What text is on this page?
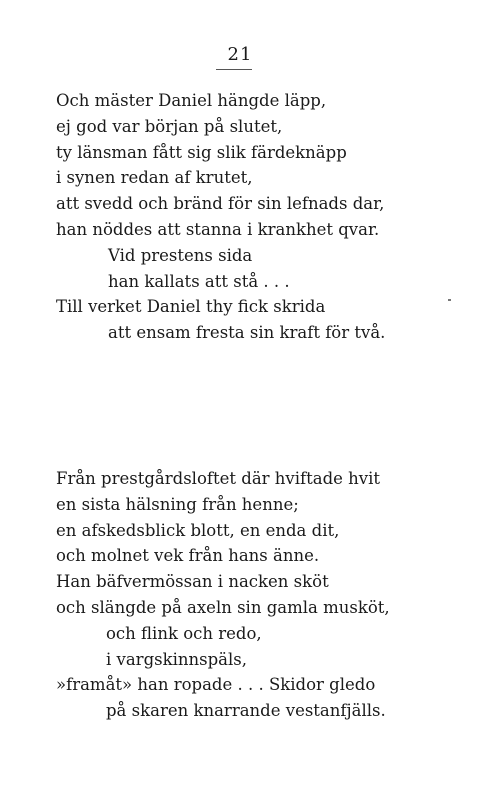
21
Och mäster Daniel hängde läpp,
ej god var början på slutet,
ty länsman fått sig slik färdeknäpp
i synen redan af krutet,
att svedd och bränd för sin lefnads dar,
han nöddes att stanna i krankhet qvar.
Vid prestens sida
han kallats att stå . . .
Till verket Daniel thy fick skrida
att ensam fresta sin kraft för två.
Från prestgårdsloftet där hviftade hvit
en sista hälsning från henne;
en afskedsblick blott, en enda dit,
och molnet vek från hans änne.
Han bäfvermössan i nacken sköt
och slängde på axeln sin gamla musköt,
och flink och redo,
i vargskinnspäls,
»framåt» han ropade . . . Skidor gledo
på skaren knarrande vestanfjälls.
